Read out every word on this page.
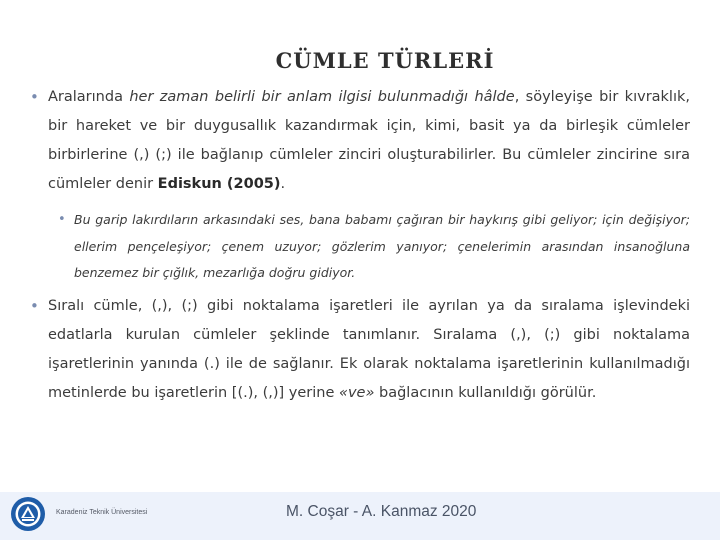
CÜMLE TÜRLERİ

• Aralarında her zaman belirli bir anlam ilgisi bulunmadığı hâlde, söyleyişe bir kıvraklık, bir hareket ve bir duygusallık kazandırmak için, kimi, basit ya da birleşik cümleler birbirlerine (,) (;) ile bağlanıp cümleler zinciri oluşturabilirler. Bu cümleler zincirine sıra cümleler denir Ediskun (2005).

• Bu garip lakırdıların arkasındaki ses, bana babamı çağıran bir haykırış gibi geliyor; için değişiyor; ellerim pençeleşiyor; çenem uzuyor; gözlerim yanıyor; çenelerimin arasından insanoğluna benzemez bir çığlık, mezarlığa doğru gidiyor.

• Sıralı cümle, (,), (;) gibi noktalama işaretleri ile ayrılan ya da sıralama işlevindeki edatlarla kurulan cümleler şeklinde tanımlanır. Sıralama (,), (;) gibi noktalama işaretlerinin yanında (.) ile de sağlanır. Ek olarak noktalama işaretlerinin kullanılmadığı metinlerde bu işaretlerin [(.), (,)] yerine «ve» bağlacının kullanıldığı görülür.

Karadeniz Teknik Üniversitesi	M. Coşar - A. Kanmaz 2020
